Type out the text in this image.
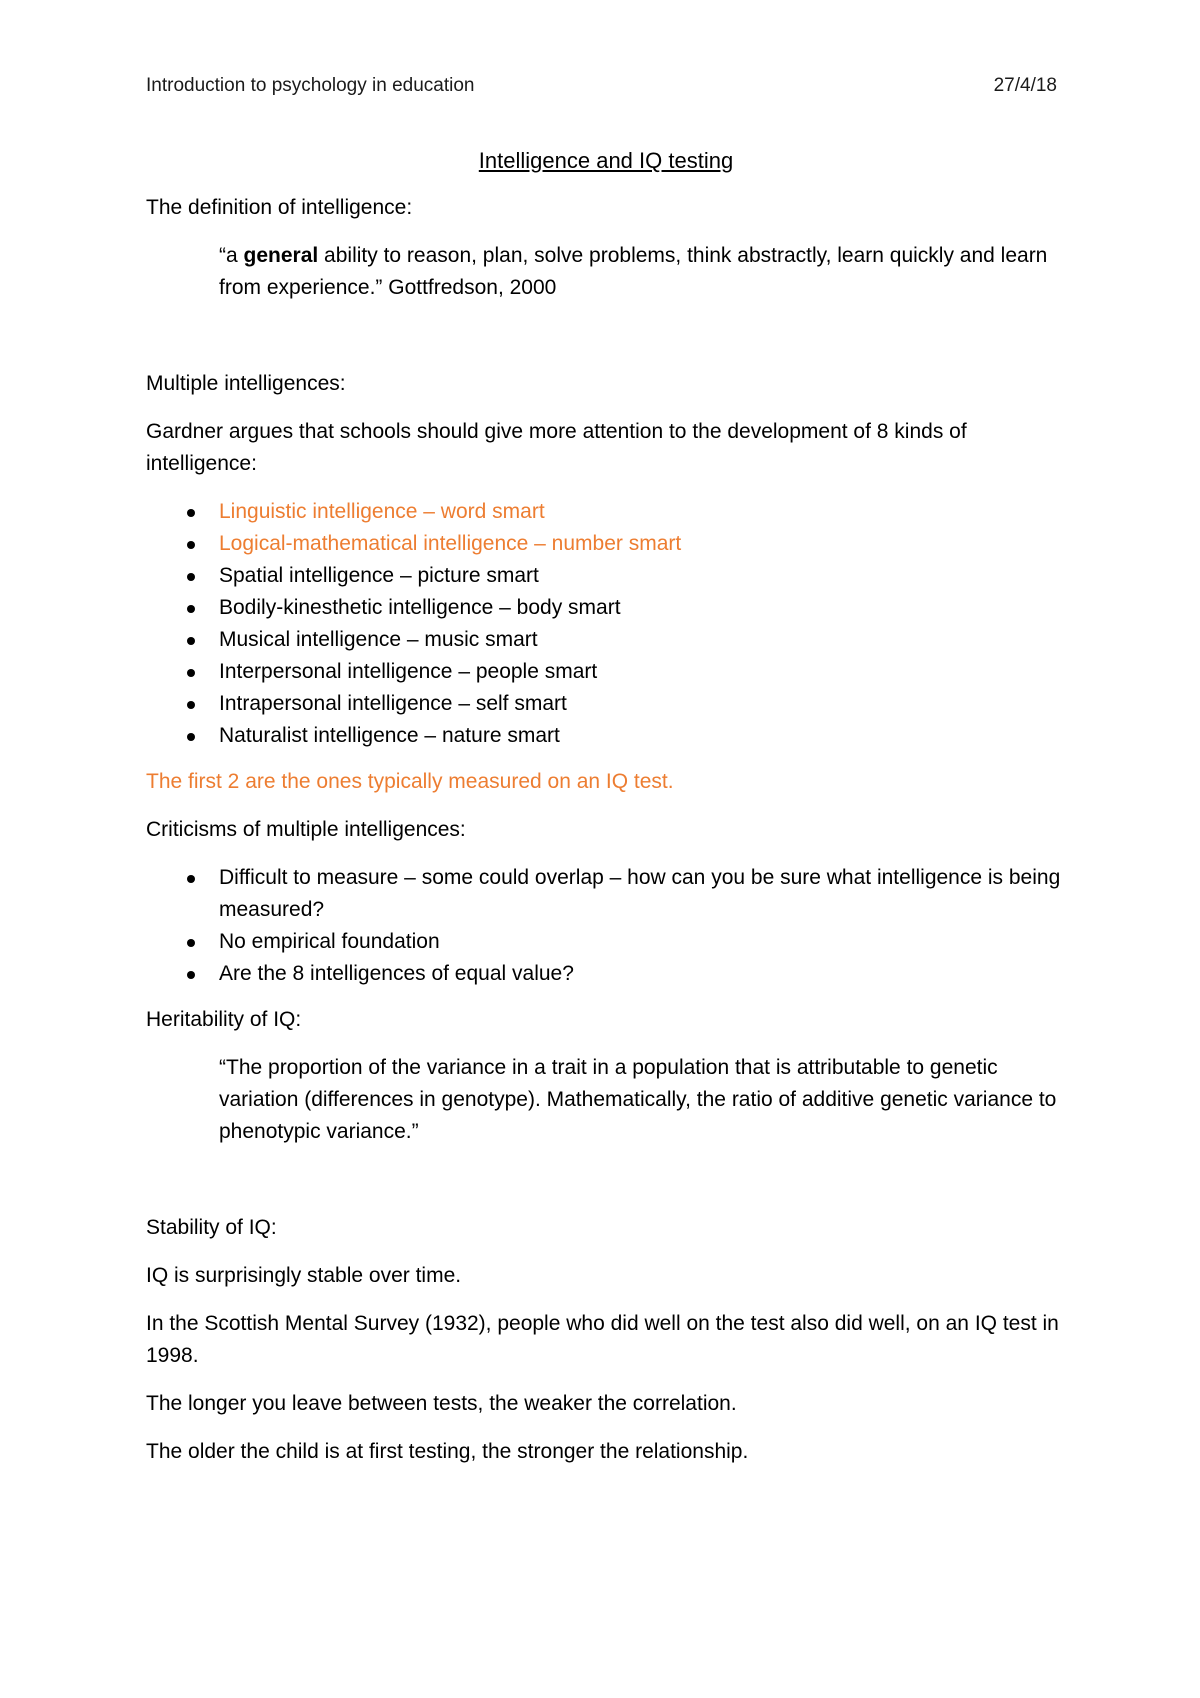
Introduction to psychology in education	27/4/18
Intelligence and IQ testing

The definition of intelligence:

“a general ability to reason, plan, solve problems, think abstractly, learn quickly and learn from experience.” Gottfredson, 2000

Multiple intelligences:

Gardner argues that schools should give more attention to the development of 8 kinds of intelligence:

Linguistic intelligence – word smart
Logical-mathematical intelligence – number smart
Spatial intelligence – picture smart
Bodily-kinesthetic intelligence – body smart
Musical intelligence – music smart
Interpersonal intelligence – people smart
Intrapersonal intelligence – self smart
Naturalist intelligence – nature smart

The first 2 are the ones typically measured on an IQ test.

Criticisms of multiple intelligences:

Difficult to measure – some could overlap – how can you be sure what intelligence is being measured?
No empirical foundation
Are the 8 intelligences of equal value?

Heritability of IQ:

“The proportion of the variance in a trait in a population that is attributable to genetic variation (differences in genotype). Mathematically, the ratio of additive genetic variance to phenotypic variance.”

Stability of IQ:

IQ is surprisingly stable over time.

In the Scottish Mental Survey (1932), people who did well on the test also did well, on an IQ test in 1998.

The longer you leave between tests, the weaker the correlation.

The older the child is at first testing, the stronger the relationship.
